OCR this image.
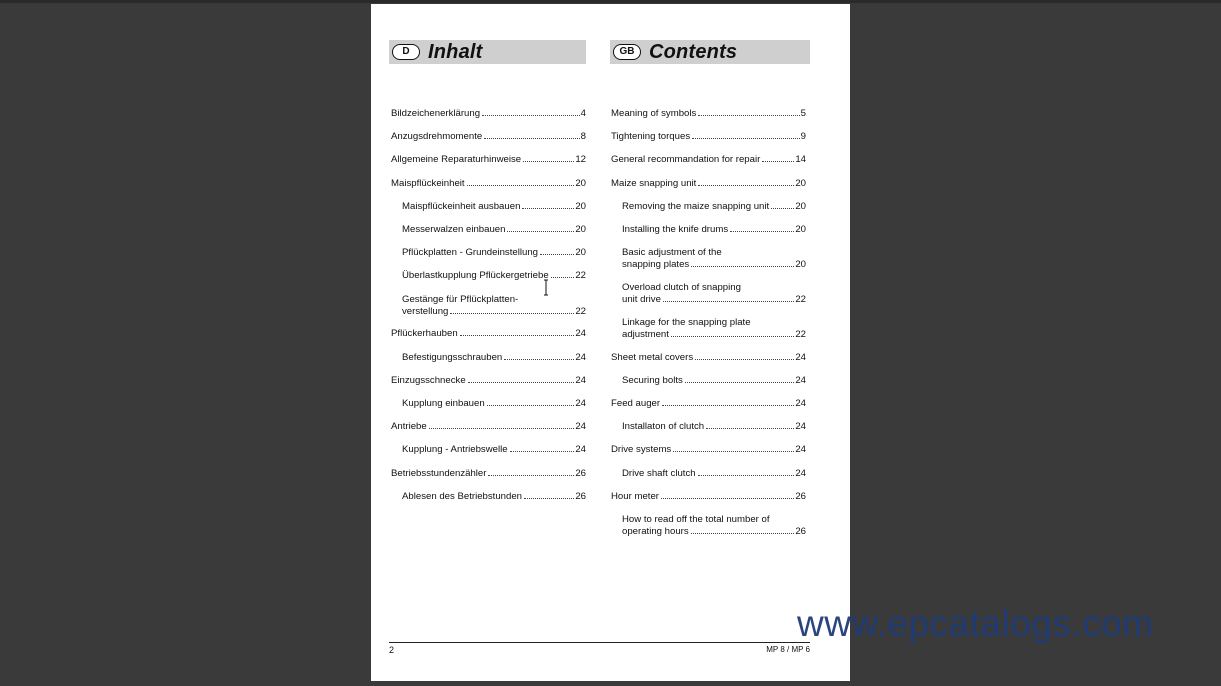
D Inhalt	GB Contents
Bildzeichenerklärung	4
Anzugsdrehmomente	8
Allgemeine Reparaturhinweise	12
Maispflückeinheit	20
Maispflückeinheit ausbauen	20
Messerwalzen einbauen	20
Pflückplatten - Grundeinstellung	20
Überlastkupplung Pflückergetriebe	22
Gestänge für Pflückplatten-
verstellung	22
Pflückerhauben	24
Befestigungsschrauben	24
Einzugsschnecke	24
Kupplung einbauen	24
Antriebe	24
Kupplung - Antriebswelle	24
Betriebsstundenzähler	26
Ablesen des Betriebstunden	26
Meaning of symbols	5
Tightening torques	9
General recommandation for repair	14
Maize snapping unit	20
Removing the maize snapping unit	20
Installing the knife drums	20
Basic adjustment of the
snapping plates	20
Overload clutch of snapping
unit drive	22
Linkage for the snapping plate
adjustment	22
Sheet metal covers	24
Securing bolts	24
Feed auger	24
Installaton of clutch	24
Drive systems	24
Drive shaft clutch	24
Hour meter	26
How to read off the total number of
operating hours	26
2	MP 8 / MP 6
www.epcatalogs.com
